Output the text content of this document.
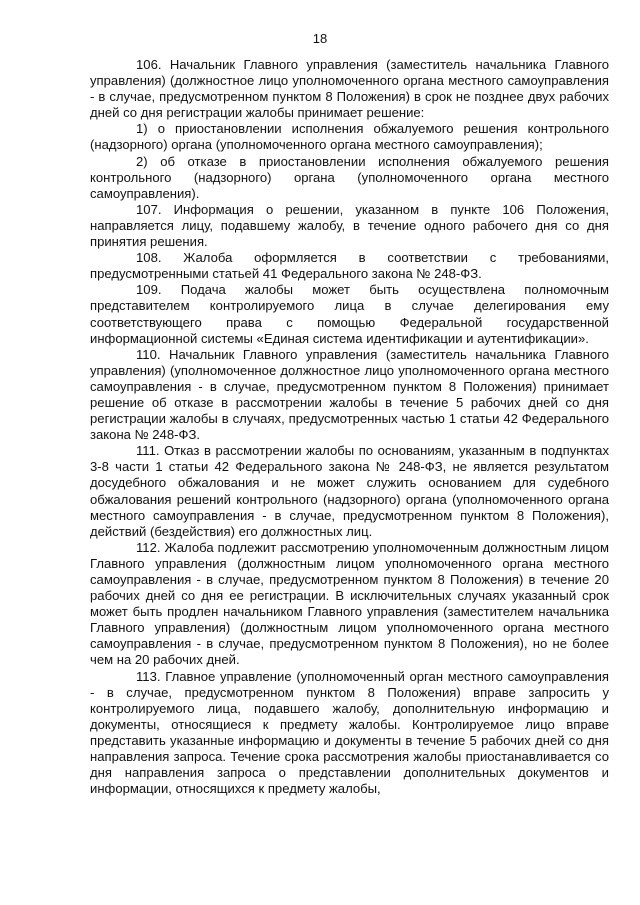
18

106. Начальник Главного управления (заместитель начальника Главного управления) (должностное лицо уполномоченного органа местного самоуправления - в случае, предусмотренном пунктом 8 Положения) в срок не позднее двух рабочих дней со дня регистрации жалобы принимает решение:

1) о приостановлении исполнения обжалуемого решения контрольного (надзорного) органа (уполномоченного органа местного самоуправления);

2) об отказе в приостановлении исполнения обжалуемого решения контрольного (надзорного) органа (уполномоченного органа местного самоуправления).

107. Информация о решении, указанном в пункте 106 Положения, направляется лицу, подавшему жалобу, в течение одного рабочего дня со дня принятия решения.

108. Жалоба оформляется в соответствии с требованиями, предусмотренными статьей 41 Федерального закона № 248-ФЗ.

109. Подача жалобы может быть осуществлена полномочным представителем контролируемого лица в случае делегирования ему соответствующего права с помощью Федеральной государственной информационной системы «Единая система идентификации и аутентификации».

110. Начальник Главного управления (заместитель начальника Главного управления) (уполномоченное должностное лицо уполномоченного органа местного самоуправления - в случае, предусмотренном пунктом 8 Положения) принимает решение об отказе в рассмотрении жалобы в течение 5 рабочих дней со дня регистрации жалобы в случаях, предусмотренных частью 1 статьи 42 Федерального закона № 248-ФЗ.

111. Отказ в рассмотрении жалобы по основаниям, указанным в подпунктах 3-8 части 1 статьи 42 Федерального закона № 248-ФЗ, не является результатом досудебного обжалования и не может служить основанием для судебного обжалования решений контрольного (надзорного) органа (уполномоченного органа местного самоуправления - в случае, предусмотренном пунктом 8 Положения), действий (бездействия) его должностных лиц.

112. Жалоба подлежит рассмотрению уполномоченным должностным лицом Главного управления (должностным лицом уполномоченного органа местного самоуправления - в случае, предусмотренном пунктом 8 Положения) в течение 20 рабочих дней со дня ее регистрации. В исключительных случаях указанный срок может быть продлен начальником Главного управления (заместителем начальника Главного управления) (должностным лицом уполномоченного органа местного самоуправления - в случае, предусмотренном пунктом 8 Положения), но не более чем на 20 рабочих дней.

113. Главное управление (уполномоченный орган местного самоуправления - в случае, предусмотренном пунктом 8 Положения) вправе запросить у контролируемого лица, подавшего жалобу, дополнительную информацию и документы, относящиеся к предмету жалобы. Контролируемое лицо вправе представить указанные информацию и документы в течение 5 рабочих дней со дня направления запроса. Течение срока рассмотрения жалобы приостанавливается со дня направления запроса о представлении дополнительных документов и информации, относящихся к предмету жалобы,
